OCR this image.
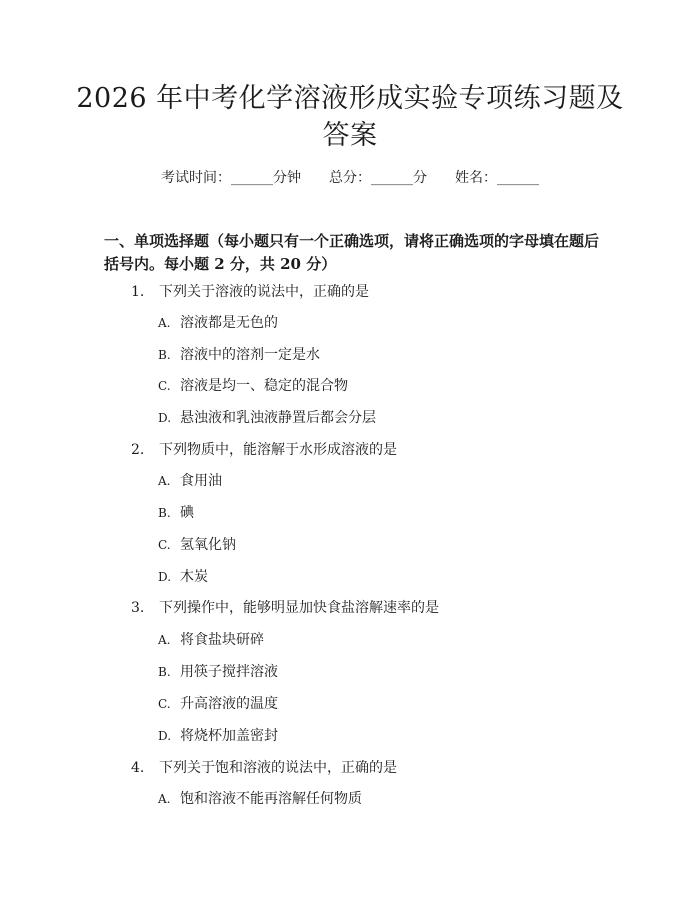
2026 年中考化学溶液形成实验专项练习题及
答案
考试时间：______分钟 总分：______分 姓名：______
一、单项选择题（每小题只有一个正确选项，请将正确选项的字母填在题后括号内。每小题 2 分，共 20 分）
1. 下列关于溶液的说法中，正确的是
A. 溶液都是无色的
B. 溶液中的溶剂一定是水
C. 溶液是均一、稳定的混合物
D. 悬浊液和乳浊液静置后都会分层
2. 下列物质中，能溶解于水形成溶液的是
A. 食用油
B. 碘
C. 氢氧化钠
D. 木炭
3. 下列操作中，能够明显加快食盐溶解速率的是
A. 将食盐块研碎
B. 用筷子搅拌溶液
C. 升高溶液的温度
D. 将烧杯加盖密封
4. 下列关于饱和溶液的说法中，正确的是
A. 饱和溶液不能再溶解任何物质
